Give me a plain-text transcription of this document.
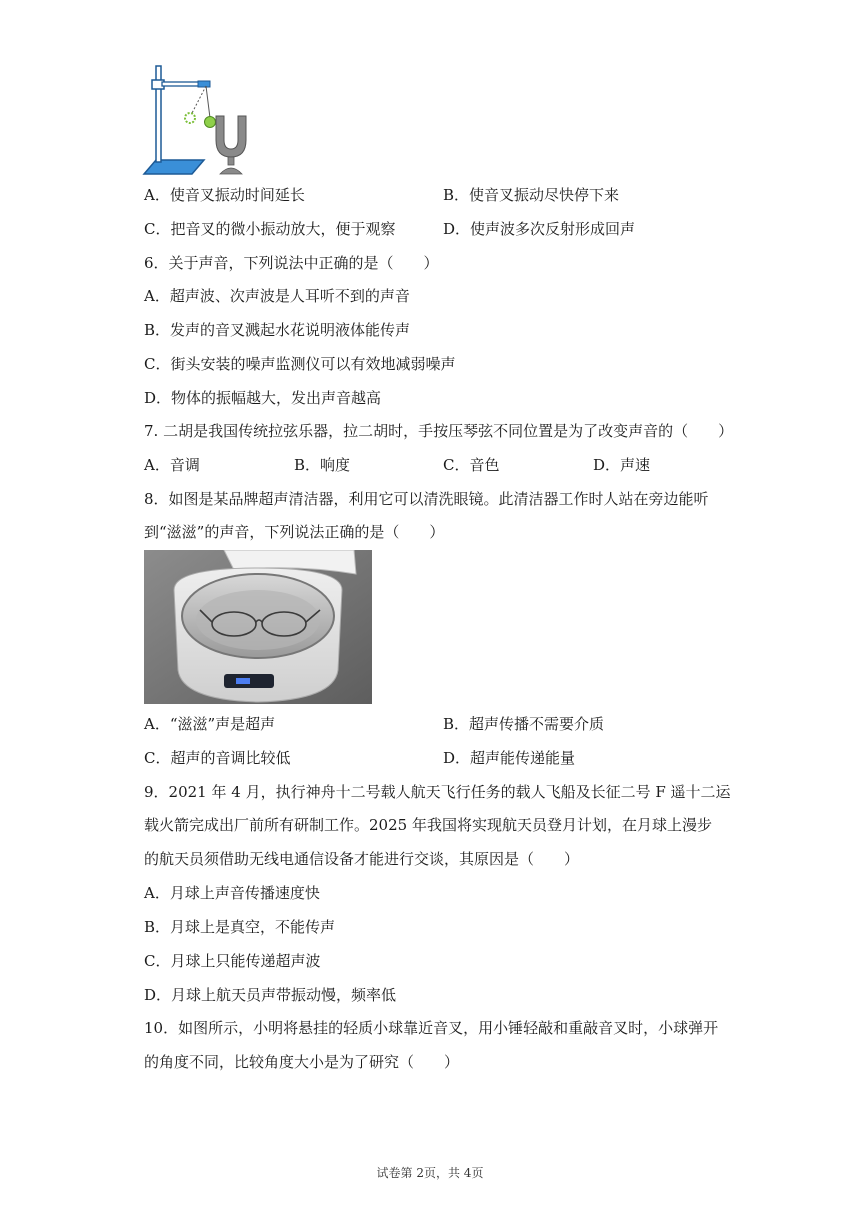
A．使音叉振动时间延长	B．使音叉振动尽快停下来
C．把音叉的微小振动放大，便于观察	D．使声波多次反射形成回声
6．关于声音，下列说法中正确的是（　　）
A．超声波、次声波是人耳听不到的声音
B．发声的音叉溅起水花说明液体能传声
C．街头安装的噪声监测仪可以有效地减弱噪声
D．物体的振幅越大，发出声音越高
7. 二胡是我国传统拉弦乐器，拉二胡时，手按压琴弦不同位置是为了改变声音的（　　）
A．音调	B．响度	C．音色	D．声速
8．如图是某品牌超声清洁器，利用它可以清洗眼镜。此清洁器工作时人站在旁边能听
到“滋滋”的声音，下列说法正确的是（　　）
A．“滋滋”声是超声	B．超声传播不需要介质
C．超声的音调比较低	D．超声能传递能量
9．2021 年 4 月，执行神舟十二号载人航天飞行任务的载人飞船及长征二号 F 遥十二运
载火箭完成出厂前所有研制工作。2025 年我国将实现航天员登月计划，在月球上漫步
的航天员须借助无线电通信设备才能进行交谈，其原因是（　　）
A．月球上声音传播速度快
B．月球上是真空，不能传声
C．月球上只能传递超声波
D．月球上航天员声带振动慢，频率低
10．如图所示，小明将悬挂的轻质小球靠近音叉，用小锤轻敲和重敲音叉时，小球弹开
的角度不同，比较角度大小是为了研究（　　）
试卷第 2页，共 4页
